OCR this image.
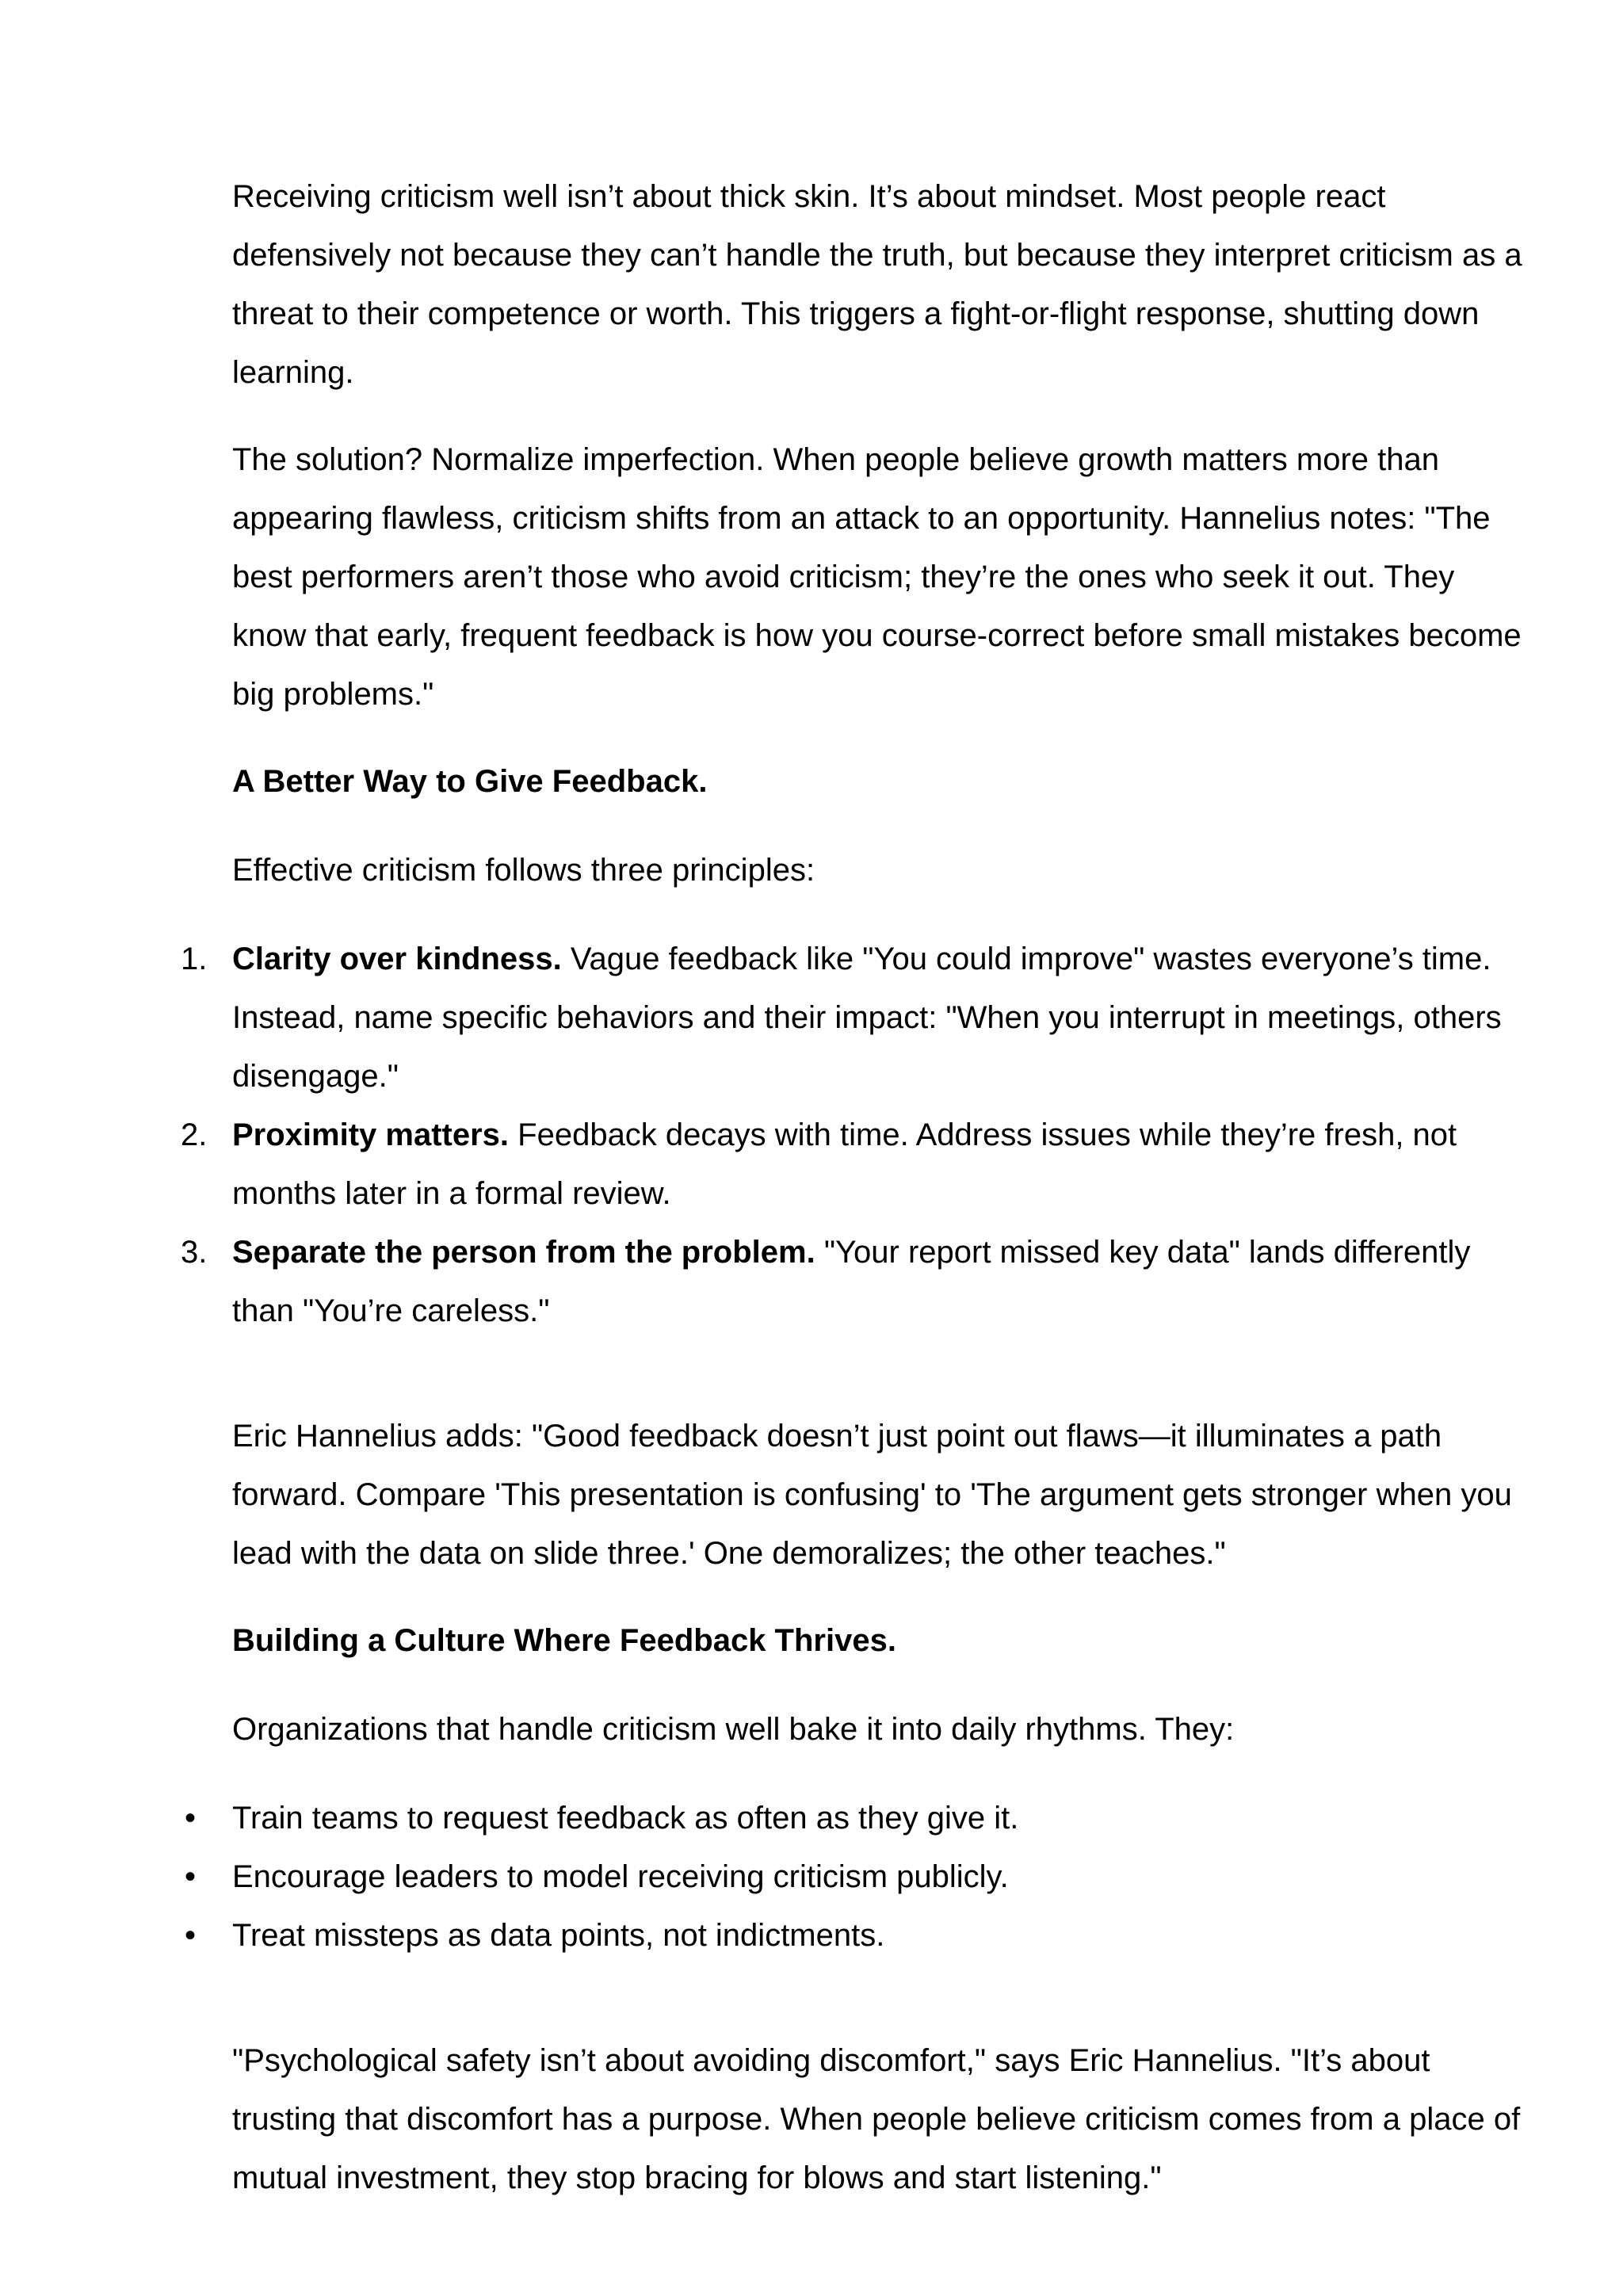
Receiving criticism well isn’t about thick skin. It’s about mindset. Most people react defensively not because they can’t handle the truth, but because they interpret criticism as a threat to their competence or worth. This triggers a fight-or-flight response, shutting down learning.

The solution? Normalize imperfection. When people believe growth matters more than appearing flawless, criticism shifts from an attack to an opportunity. Hannelius notes: "The best performers aren’t those who avoid criticism; they’re the ones who seek it out. They know that early, frequent feedback is how you course-correct before small mistakes become big problems."

A Better Way to Give Feedback.

Effective criticism follows three principles:

1. Clarity over kindness. Vague feedback like "You could improve" wastes everyone’s time. Instead, name specific behaviors and their impact: "When you interrupt in meetings, others disengage."
2. Proximity matters. Feedback decays with time. Address issues while they’re fresh, not months later in a formal review.
3. Separate the person from the problem. "Your report missed key data" lands differently than "You’re careless."

Eric Hannelius adds: "Good feedback doesn’t just point out flaws—it illuminates a path forward. Compare 'This presentation is confusing' to 'The argument gets stronger when you lead with the data on slide three.' One demoralizes; the other teaches."

Building a Culture Where Feedback Thrives.

Organizations that handle criticism well bake it into daily rhythms. They:

•	Train teams to request feedback as often as they give it.
•	Encourage leaders to model receiving criticism publicly.
•	Treat missteps as data points, not indictments.

"Psychological safety isn’t about avoiding discomfort," says Eric Hannelius. "It’s about trusting that discomfort has a purpose. When people believe criticism comes from a place of mutual investment, they stop bracing for blows and start listening."
